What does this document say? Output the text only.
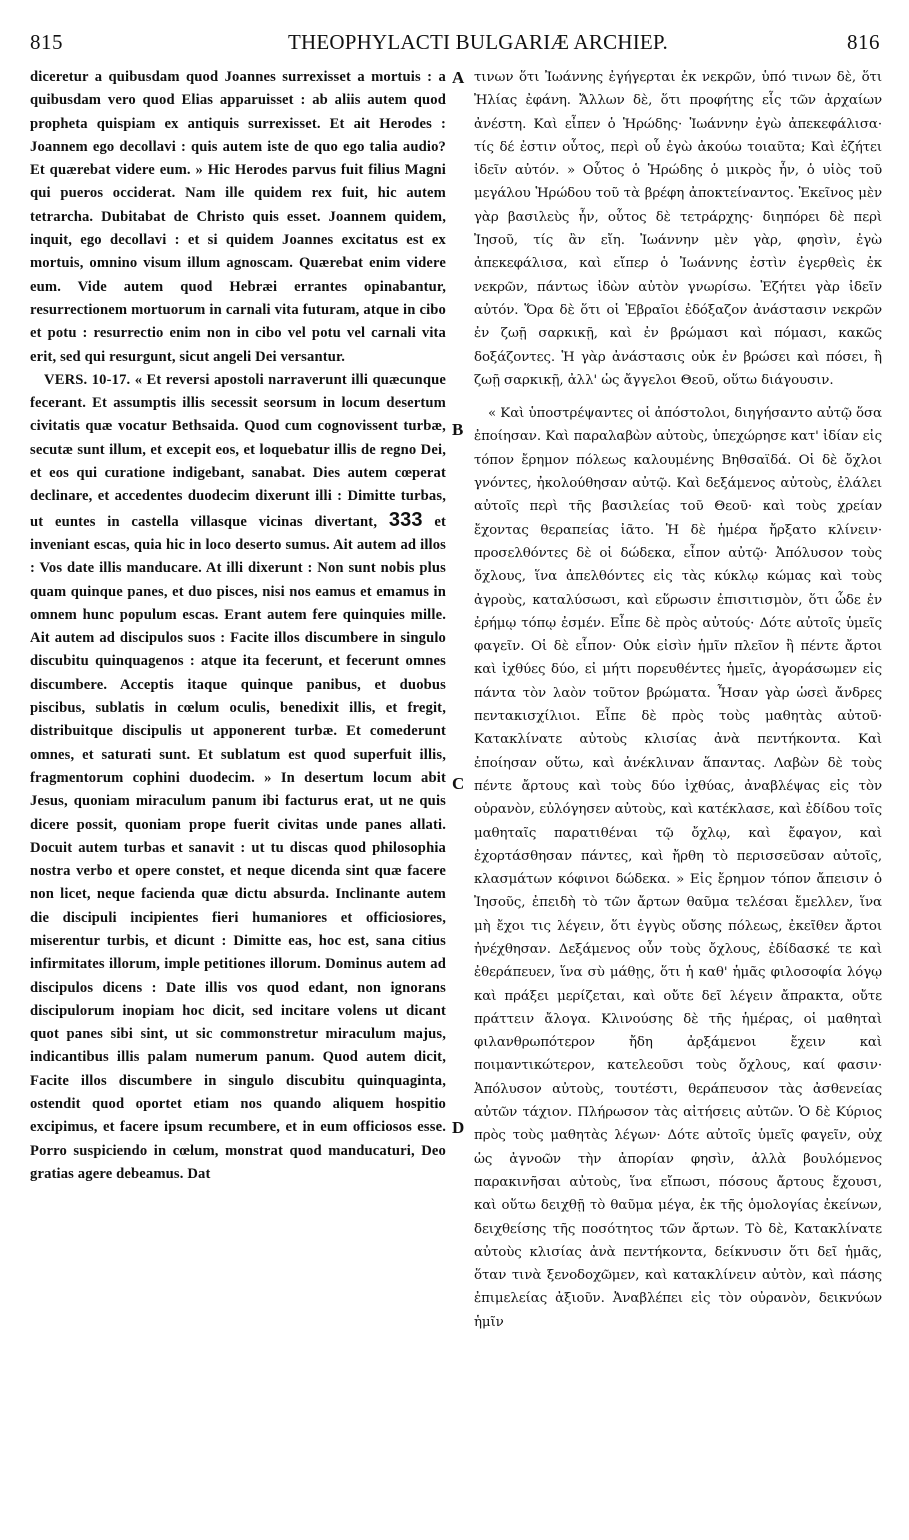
815	THEOPHYLACTI BULGARIÆ ARCHIEP.	816

diceretur a quibusdam quod Joannes surrexisset a mortuis : a quibusdam vero quod Elias apparuisset : ab aliis autem quod propheta quispiam ex antiquis surrexisset. Et ait Herodes : Joannem ego decollavi : quis autem iste de quo ego talia audio? Et quærebat videre eum. » Hic Herodes parvus fuit filius Magni qui pueros occiderat. Nam ille quidem rex fuit, hic autem tetrarcha. Dubitabat de Christo quis esset. Joannem quidem, inquit, ego decollavi : et si quidem Joannes excitatus est ex mortuis, omnino visum illum agnoscam. Quærebat enim videre eum. Vide autem quod Hebræi errantes opinabantur, resurrectionem mortuorum in carnali vita futuram, atque in cibo et potu : resurrectio enim non in cibo vel potu vel carnali vita erit, sed qui resurgunt, sicut angeli Dei versantur.

VERS. 10-17. « Et reversi apostoli narraverunt illi quæcunque fecerant. Et assumptis illis secessit seorsum in locum desertum civitatis quæ vocatur Bethsaida. Quod cum cognovissent turbæ, secutæ sunt illum, et excepit eos, et loquebatur illis de regno Dei, et eos qui curatione indigebant, sanabat. Dies autem cœperat declinare, et accedentes duodecim dixerunt illi : Dimitte turbas, ut euntes in castella villasque vicinas divertant, 333 et inveniant escas, quia hic in loco deserto sumus. Ait autem ad illos : Vos date illis manducare. At illi dixerunt : Non sunt nobis plus quam quinque panes, et duo pisces, nisi nos eamus et emamus in omnem hunc populum escas. Erant autem fere quinquies mille. Ait autem ad discipulos suos : Facite illos discumbere in singulo discubitu quinquagenos : atque ita fecerunt, et fecerunt omnes discumbere. Acceptis itaque quinque panibus, et duobus piscibus, sublatis in cœlum oculis, benedixit illis, et fregit, distribuitque discipulis ut apponerent turbæ. Et comederunt omnes, et saturati sunt. Et sublatum est quod superfuit illis, fragmentorum cophini duodecim. » In desertum locum abit Jesus, quoniam miraculum panum ibi facturus erat, ut ne quis dicere possit, quoniam prope fuerit civitas unde panes allati. Docuit autem turbas et sanavit : ut tu discas quod philosophia nostra verbo et opere constet, et neque dicenda sint quæ facere non licet, neque facienda quæ dictu absurda. Inclinante autem die discipuli incipientes fieri humaniores et officiosiores, miserentur turbis, et dicunt : Dimitte eas, hoc est, sana citius infirmitates illorum, imple petitiones illorum. Dominus autem ad discipulos dicens : Date illis vos quod edant, non ignorans discipulorum inopiam hoc dicit, sed incitare volens ut dicant quot panes sibi sint, ut sic commonstretur miraculum majus, indicantibus illis palam numerum panum. Quod autem dicit, Facite illos discumbere in singulo discubitu quinquaginta, ostendit quod oportet etiam nos quando aliquem hospitio excipimus, et facere ipsum recumbere, et in eum officiosos esse. Porro suspiciendo in cœlum, monstrat quod manducaturi, Deo gratias agere debeamus. Dat

τινων ὅτι Ἰωάννης ἐγήγερται ἐκ νεκρῶν, ὑπό τινων δὲ, ὅτι Ἠλίας ἐφάνη. Ἄλλων δὲ, ὅτι προφήτης εἷς τῶν ἀρχαίων ἀνέστη. Καὶ εἶπεν ὁ Ἡρώδης· Ἰωάννην ἐγὼ ἀπεκεφάλισα· τίς δέ ἐστιν οὗτος, περὶ οὗ ἐγὼ ἀκούω τοιαῦτα; Καὶ ἐζήτει ἰδεῖν αὐτόν. » Οὗτος ὁ Ἡρώδης ὁ μικρὸς ἦν, ὁ υἱὸς τοῦ μεγάλου Ἡρώδου τοῦ τὰ βρέφη ἀποκτείναντος. Ἐκεῖνος μὲν γὰρ βασιλεὺς ἦν, οὗτος δὲ τετράρχης· διηπόρει δὲ περὶ Ἰησοῦ, τίς ἂν εἴη. Ἰωάννην μὲν γὰρ, φησὶν, ἐγὼ ἀπεκεφάλισα, καὶ εἴπερ ὁ Ἰωάννης ἐστὶν ἐγερθεὶς ἐκ νεκρῶν, πάντως ἰδὼν αὐτὸν γνωρίσω. Ἐζήτει γὰρ ἰδεῖν αὐτόν. Ὅρα δὲ ὅτι οἱ Ἑβραῖοι ἐδόξαζον ἀνάστασιν νεκρῶν ἐν ζωῇ σαρκικῇ, καὶ ἐν βρώμασι καὶ πόμασι, κακῶς δοξάζοντες. Ἡ γὰρ ἀνάστασις οὐκ ἐν βρώσει καὶ πόσει, ἢ ζωῇ σαρκικῇ, ἀλλ' ὡς ἄγγελοι Θεοῦ, οὕτω διάγουσιν.

« Καὶ ὑποστρέψαντες οἱ ἀπόστολοι, διηγήσαντο αὐτῷ ὅσα ἐποίησαν. Καὶ παραλαβὼν αὐτοὺς, ὑπεχώρησε κατ' ἰδίαν εἰς τόπον ἔρημον πόλεως καλουμένης Βηθσαϊδά. Οἱ δὲ ὄχλοι γνόντες, ἠκολούθησαν αὐτῷ. Καὶ δεξάμενος αὐτοὺς, ἐλάλει αὐτοῖς περὶ τῆς βασιλείας τοῦ Θεοῦ· καὶ τοὺς χρείαν ἔχοντας θεραπείας ἰᾶτο. Ἡ δὲ ἡμέρα ἤρξατο κλίνειν· προσελθόντες δὲ οἱ δώδεκα, εἶπον αὐτῷ· Ἀπόλυσον τοὺς ὄχλους, ἵνα ἀπελθόντες εἰς τὰς κύκλῳ κώμας καὶ τοὺς ἀγροὺς, καταλύσωσι, καὶ εὕρωσιν ἐπισιτισμὸν, ὅτι ὧδε ἐν ἐρήμῳ τόπῳ ἐσμέν. Εἶπε δὲ πρὸς αὐτούς· Δότε αὐτοῖς ὑμεῖς φαγεῖν. Οἱ δὲ εἶπον· Οὐκ εἰσὶν ἡμῖν πλεῖον ἢ πέντε ἄρτοι καὶ ἰχθύες δύο, εἰ μήτι πορευθέντες ἡμεῖς, ἀγοράσωμεν εἰς πάντα τὸν λαὸν τοῦτον βρώματα. Ἦσαν γὰρ ὡσεὶ ἄνδρες πεντακισχίλιοι. Εἶπε δὲ πρὸς τοὺς μαθητὰς αὐτοῦ· Κατακλίνατε αὐτοὺς κλισίας ἀνὰ πεντήκοντα. Καὶ ἐποίησαν οὕτω, καὶ ἀνέκλιναν ἅπαντας. Λαβὼν δὲ τοὺς πέντε ἄρτους καὶ τοὺς δύο ἰχθύας, ἀναβλέψας εἰς τὸν οὐρανὸν, εὐλόγησεν αὐτοὺς, καὶ κατέκλασε, καὶ ἐδίδου τοῖς μαθηταῖς παρατιθέναι τῷ ὄχλῳ, καὶ ἔφαγον, καὶ ἐχορτάσθησαν πάντες, καὶ ἤρθη τὸ περισσεῦσαν αὐτοῖς, κλασμάτων κόφινοι δώδεκα. » Εἰς ἔρημον τόπον ἄπεισιν ὁ Ἰησοῦς, ἐπειδὴ τὸ τῶν ἄρτων θαῦμα τελέσαι ἔμελλεν, ἵνα μὴ ἔχοι τις λέγειν, ὅτι ἐγγὺς οὔσης πόλεως, ἐκεῖθεν ἄρτοι ἠνέχθησαν. Δεξάμενος οὖν τοὺς ὄχλους, ἐδίδασκέ τε καὶ ἐθεράπευεν, ἵνα σὺ μάθῃς, ὅτι ἡ καθ' ἡμᾶς φιλοσοφία λόγῳ καὶ πράξει μερίζεται, καὶ οὔτε δεῖ λέγειν ἄπρακτα, οὔτε πράττειν ἄλογα. Κλινούσης δὲ τῆς ἡμέρας, οἱ μαθηταὶ φιλανθρωπότερον ἤδη ἀρξάμενοι ἔχειν καὶ ποιμαντικώτερον, κατελεοῦσι τοὺς ὄχλους, καί φασιν· Ἀπόλυσον αὐτοὺς, τουτέστι, θεράπευσον τὰς ἀσθενείας αὐτῶν τάχιον. Πλήρωσον τὰς αἰτήσεις αὐτῶν. Ὁ δὲ Κύριος πρὸς τοὺς μαθητὰς λέγων· Δότε αὐτοῖς ὑμεῖς φαγεῖν, οὐχ ὡς ἀγνοῶν τὴν ἀπορίαν φησὶν, ἀλλὰ βουλόμενος παρακινῆσαι αὐτοὺς, ἵνα εἴπωσι, πόσους ἄρτους ἔχουσι, καὶ οὕτω δειχθῇ τὸ θαῦμα μέγα, ἐκ τῆς ὁμολογίας ἐκείνων, δειχθείσης τῆς ποσότητος τῶν ἄρτων. Τὸ δὲ, Κατακλίνατε αὐτοὺς κλισίας ἀνὰ πεντήκοντα, δείκνυσιν ὅτι δεῖ ἡμᾶς, ὅταν τινὰ ξενοδοχῶμεν, καὶ κατακλίνειν αὐτὸν, καὶ πάσης ἐπιμελείας ἀξιοῦν. Ἀναβλέπει εἰς τὸν οὐρανὸν, δεικνύων ἡμῖν

A
B
C
D
